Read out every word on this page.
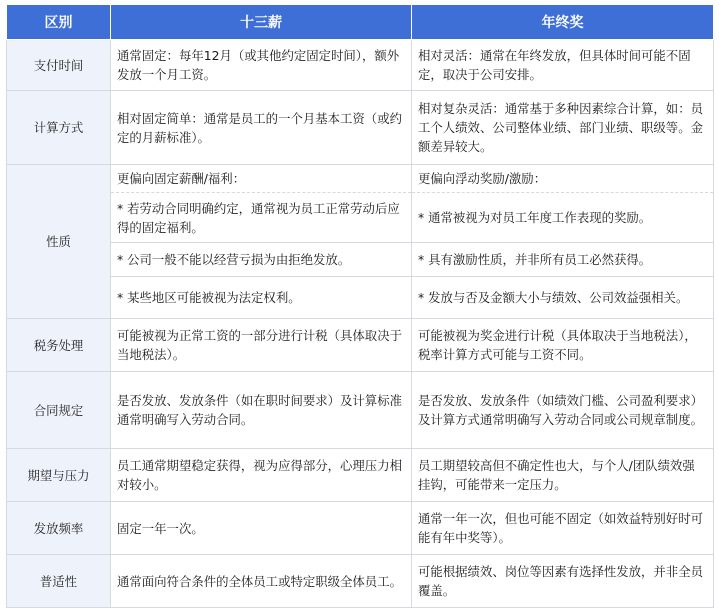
区别	十三薪	年终奖
支付时间	通常固定：每年12月（或其他约定固定时间），额外发放一个月工资。	相对灵活：通常在年终发放，但具体时间可能不固定，取决于公司安排。
计算方式	相对固定简单：通常是员工的一个月基本工资（或约定的月薪标准）。	相对复杂灵活：通常基于多种因素综合计算，如：员工个人绩效、公司整体业绩、部门业绩、职级等。金额差异较大。
性质	更偏向固定薪酬/福利：	更偏向浮动奖励/激励：
	* 若劳动合同明确约定，通常视为员工正常劳动后应得的固定福利。	* 通常被视为对员工年度工作表现的奖励。
	* 公司一般不能以经营亏损为由拒绝发放。	* 具有激励性质，并非所有员工必然获得。
	* 某些地区可能被视为法定权利。	* 发放与否及金额大小与绩效、公司效益强相关。
税务处理	可能被视为正常工资的一部分进行计税（具体取决于当地税法）。	可能被视为奖金进行计税（具体取决于当地税法），税率计算方式可能与工资不同。
合同规定	是否发放、发放条件（如在职时间要求）及计算标准通常明确写入劳动合同。	是否发放、发放条件（如绩效门槛、公司盈利要求）及计算方式通常明确写入劳动合同或公司规章制度。
期望与压力	员工通常期望稳定获得，视为应得部分，心理压力相对较小。	员工期望较高但不确定性也大，与个人/团队绩效强挂钩，可能带来一定压力。
发放频率	固定一年一次。	通常一年一次，但也可能不固定（如效益特别好时可能有年中奖等）。
普适性	通常面向符合条件的全体员工或特定职级全体员工。	可能根据绩效、岗位等因素有选择性发放，并非全员覆盖。
